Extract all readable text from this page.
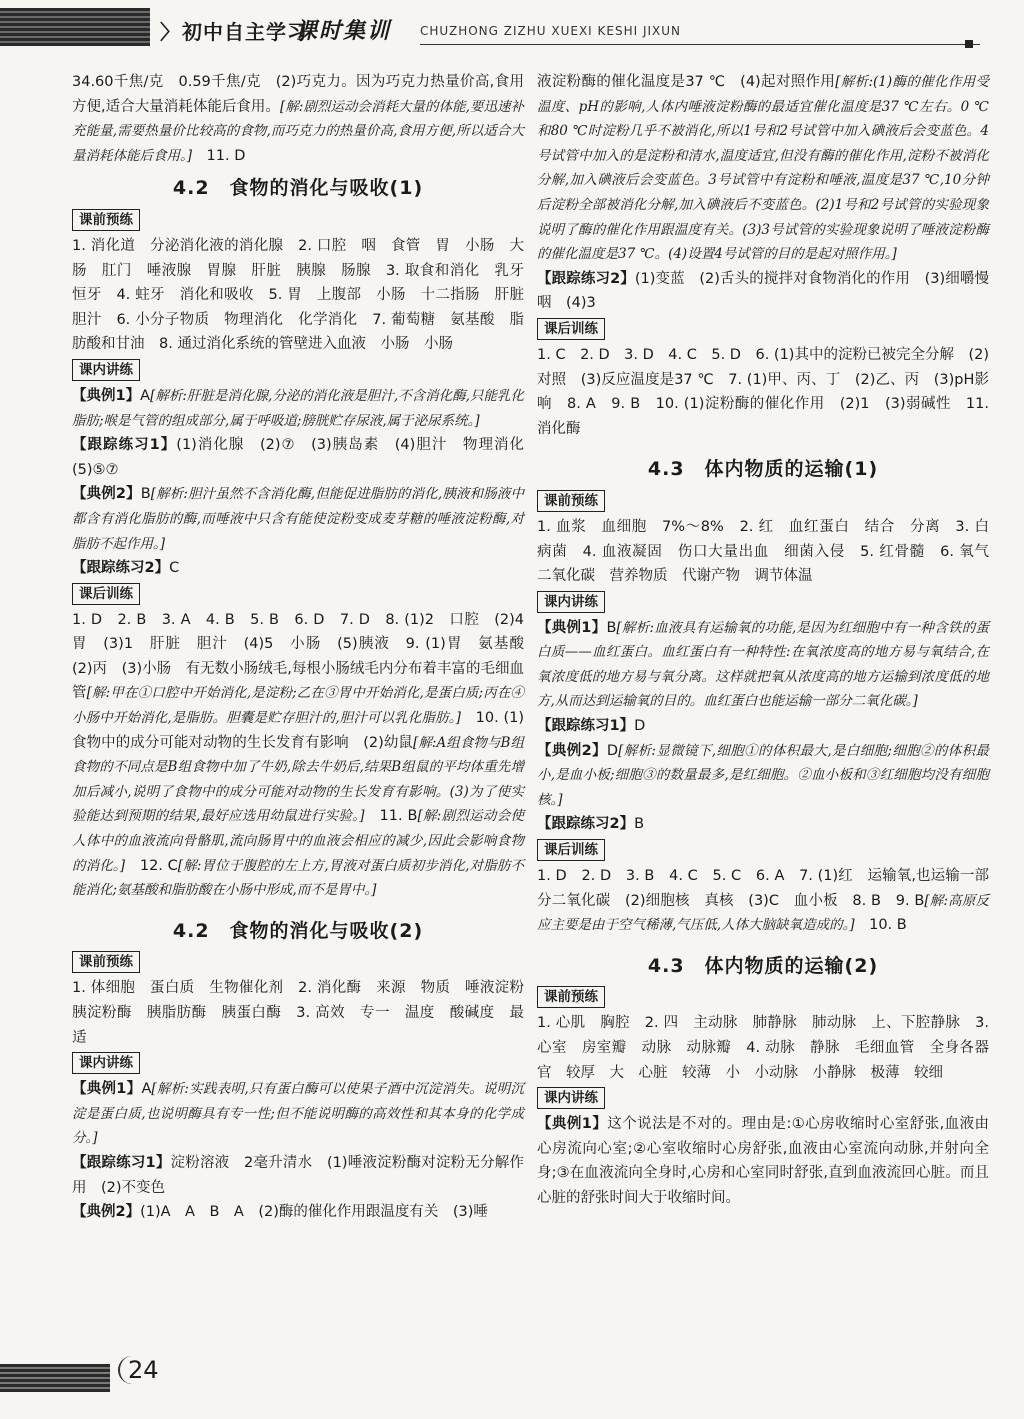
〉 初中自主学习
课时集训 CHUZHONG ZIZHU XUEXI KESHI JIXUN

34.60千焦/克　0.59千焦/克　(2)巧克力。因为巧克力热量价高,食用方便,适合大量消耗体能后食用。[解:剧烈运动会消耗大量的体能,要迅速补充能量,需要热量价比较高的食物,而巧克力的热量价高,食用方便,所以适合大量消耗体能后食用。]　11. D

4.2　食物的消化与吸收(1)
课前预练

1. 消化道　分泌消化液的消化腺　2. 口腔　咽　食管　胃　小肠　大肠　肛门　唾液腺　胃腺　肝脏　胰腺　肠腺　3. 取食和消化　乳牙　恒牙　4. 蛀牙　消化和吸收　5. 胃　上腹部　小肠　十二指肠　肝脏　胆汁　6. 小分子物质　物理消化　化学消化　7. 葡萄糖　氨基酸　脂肪酸和甘油　8. 通过消化系统的管壁进入血液　小肠　小肠

课内讲练

【典例1】A[解析:肝脏是消化腺,分泌的消化液是胆汁,不含消化酶,只能乳化脂肪;喉是气管的组成部分,属于呼吸道;膀胱贮存尿液,属于泌尿系统。]

【跟踪练习1】(1)消化腺　(2)⑦　(3)胰岛素　(4)胆汁　物理消化　(5)⑤⑦

【典例2】B[解析:胆汁虽然不含消化酶,但能促进脂肪的消化,胰液和肠液中都含有消化脂肪的酶,而唾液中只含有能使淀粉变成麦芽糖的唾液淀粉酶,对脂肪不起作用。]

【跟踪练习2】C

课后训练

1. D　2. B　3. A　4. B　5. B　6. D　7. D　8. (1)2　口腔　(2)4　胃　(3)1　肝脏　胆汁　(4)5　小肠　(5)胰液　9. (1)胃　氨基酸　(2)丙　(3)小肠　有无数小肠绒毛,每根小肠绒毛内分布着丰富的毛细血管[解:甲在①口腔中开始消化,是淀粉;乙在③胃中开始消化,是蛋白质;丙在④小肠中开始消化,是脂肪。胆囊是贮存胆汁的,胆汁可以乳化脂肪。]　10. (1)食物中的成分可能对动物的生长发育有影响　(2)幼鼠[解:A组食物与B组食物的不同点是B组食物中加了牛奶,除去牛奶后,结果B组鼠的平均体重先增加后减小,说明了食物中的成分可能对动物的生长发育有影响。(3)为了使实验能达到预期的结果,最好应选用幼鼠进行实验。]　11. B[解:剧烈运动会使人体中的血液流向骨骼肌,流向肠胃中的血液会相应的减少,因此会影响食物的消化。]　12. C[解:胃位于腹腔的左上方,胃液对蛋白质初步消化,对脂肪不能消化;氨基酸和脂肪酸在小肠中形成,而不是胃中。]

4.2　食物的消化与吸收(2)
课前预练

1. 体细胞　蛋白质　生物催化剂　2. 消化酶　来源　物质　唾液淀粉　胰淀粉酶　胰脂肪酶　胰蛋白酶　3. 高效　专一　温度　酸碱度　最适

课内讲练

【典例1】A[解析:实践表明,只有蛋白酶可以使果子酒中沉淀消失。说明沉淀是蛋白质,也说明酶具有专一性;但不能说明酶的高效性和其本身的化学成分。]

【跟踪练习1】淀粉溶液　2毫升清水　(1)唾液淀粉酶对淀粉无分解作用　(2)不变色

【典例2】(1)A　A　B　A　(2)酶的催化作用跟温度有关　(3)唾

液淀粉酶的催化温度是37 ℃　(4)起对照作用[解析:(1)酶的催化作用受温度、pH的影响,人体内唾液淀粉酶的最适宜催化温度是37 ℃左右。0 ℃和80 ℃时淀粉几乎不被消化,所以1号和2号试管中加入碘液后会变蓝色。4号试管中加入的是淀粉和清水,温度适宜,但没有酶的催化作用,淀粉不被消化分解,加入碘液后会变蓝色。3号试管中有淀粉和唾液,温度是37 ℃,10分钟后淀粉全部被消化分解,加入碘液后不变蓝色。(2)1号和2号试管的实验现象说明了酶的催化作用跟温度有关。(3)3号试管的实验现象说明了唾液淀粉酶的催化温度是37 ℃。(4)设置4号试管的目的是起对照作用。]

【跟踪练习2】(1)变蓝　(2)舌头的搅拌对食物消化的作用　(3)细嚼慢咽　(4)3

课后训练

1. C　2. D　3. D　4. C　5. D　6. (1)其中的淀粉已被完全分解　(2)对照　(3)反应温度是37 ℃　7. (1)甲、丙、丁　(2)乙、丙　(3)pH影响　8. A　9. B　10. (1)淀粉酶的催化作用　(2)1　(3)弱碱性　11. 消化酶

4.3　体内物质的运输(1)
课前预练

1. 血浆　血细胞　7%～8%　2. 红　血红蛋白　结合　分离　3. 白　病菌　4. 血液凝固　伤口大量出血　细菌入侵　5. 红骨髓　6. 氧气　二氧化碳　营养物质　代谢产物　调节体温

课内讲练

【典例1】B[解析:血液具有运输氧的功能,是因为红细胞中有一种含铁的蛋白质——血红蛋白。血红蛋白有一种特性:在氧浓度高的地方易与氧结合,在氧浓度低的地方易与氧分离。这样就把氧从浓度高的地方运输到浓度低的地方,从而达到运输氧的目的。血红蛋白也能运输一部分二氧化碳。]

【跟踪练习1】D

【典例2】D[解析:显微镜下,细胞①的体积最大,是白细胞;细胞②的体积最小,是血小板;细胞③的数量最多,是红细胞。②血小板和③红细胞均没有细胞核。]

【跟踪练习2】B

课后训练

1. D　2. D　3. B　4. C　5. C　6. A　7. (1)红　运输氧,也运输一部分二氧化碳　(2)细胞核　真核　(3)C　血小板　8. B　9. B[解:高原反应主要是由于空气稀薄,气压低,人体大脑缺氧造成的。]　10. B

4.3　体内物质的运输(2)
课前预练

1. 心肌　胸腔　2. 四　主动脉　肺静脉　肺动脉　上、下腔静脉　3. 心室　房室瓣　动脉　动脉瓣　4. 动脉　静脉　毛细血管　全身各器官　较厚　大　心脏　较薄　小　小动脉　小静脉　极薄　较细

课内讲练

【典例1】这个说法是不对的。理由是:①心房收缩时心室舒张,血液由心房流向心室;②心室收缩时心房舒张,血液由心室流向动脉,并射向全身;③在血液流向全身时,心房和心室同时舒张,直到血液流回心脏。而且心脏的舒张时间大于收缩时间。

24
